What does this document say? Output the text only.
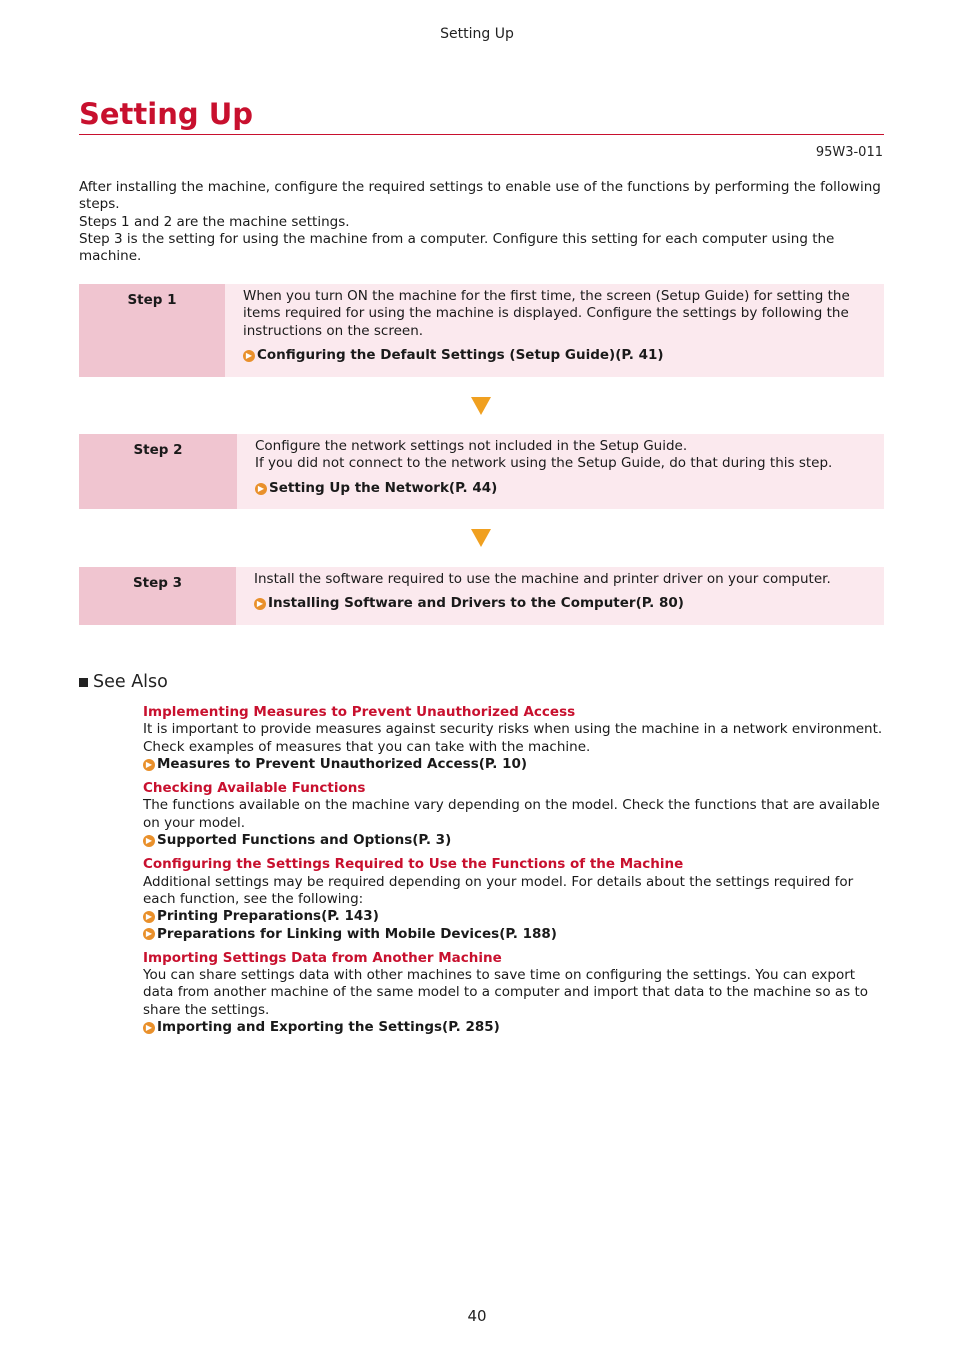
Setting Up
Setting Up
95W3-011

After installing the machine, configure the required settings to enable use of the functions by performing the following steps.

Steps 1 and 2 are the machine settings.

Step 3 is the setting for using the machine from a computer. Configure this setting for each computer using the machine.

Step 1	When you turn ON the machine for the first time, the screen (Setup Guide) for setting the items required for using the machine is displayed. Configure the settings by following the instructions on the screen.

▶ Configuring the Default Settings (Setup Guide)(P. 41)
Step 2	Configure the network settings not included in the Setup Guide.

If you did not connect to the network using the Setup Guide, do that during this step.

▶ Setting Up the Network(P. 44)
Step 3	Install the software required to use the machine and printer driver on your computer.

▶ Installing Software and Drivers to the Computer(P. 80)
See Also

Implementing Measures to Prevent Unauthorized Access

It is important to provide measures against security risks when using the machine in a network environment. Check examples of measures that you can take with the machine.

▶ Measures to Prevent Unauthorized Access(P. 10)

Checking Available Functions

The functions available on the machine vary depending on the model. Check the functions that are available on your model.

▶ Supported Functions and Options(P. 3)

Configuring the Settings Required to Use the Functions of the Machine

Additional settings may be required depending on your model. For details about the settings required for each function, see the following:

▶ Printing Preparations(P. 143)
▶ Preparations for Linking with Mobile Devices(P. 188)

Importing Settings Data from Another Machine

You can share settings data with other machines to save time on configuring the settings. You can export data from another machine of the same model to a computer and import that data to the machine so as to share the settings.

▶ Importing and Exporting the Settings(P. 285)
40
